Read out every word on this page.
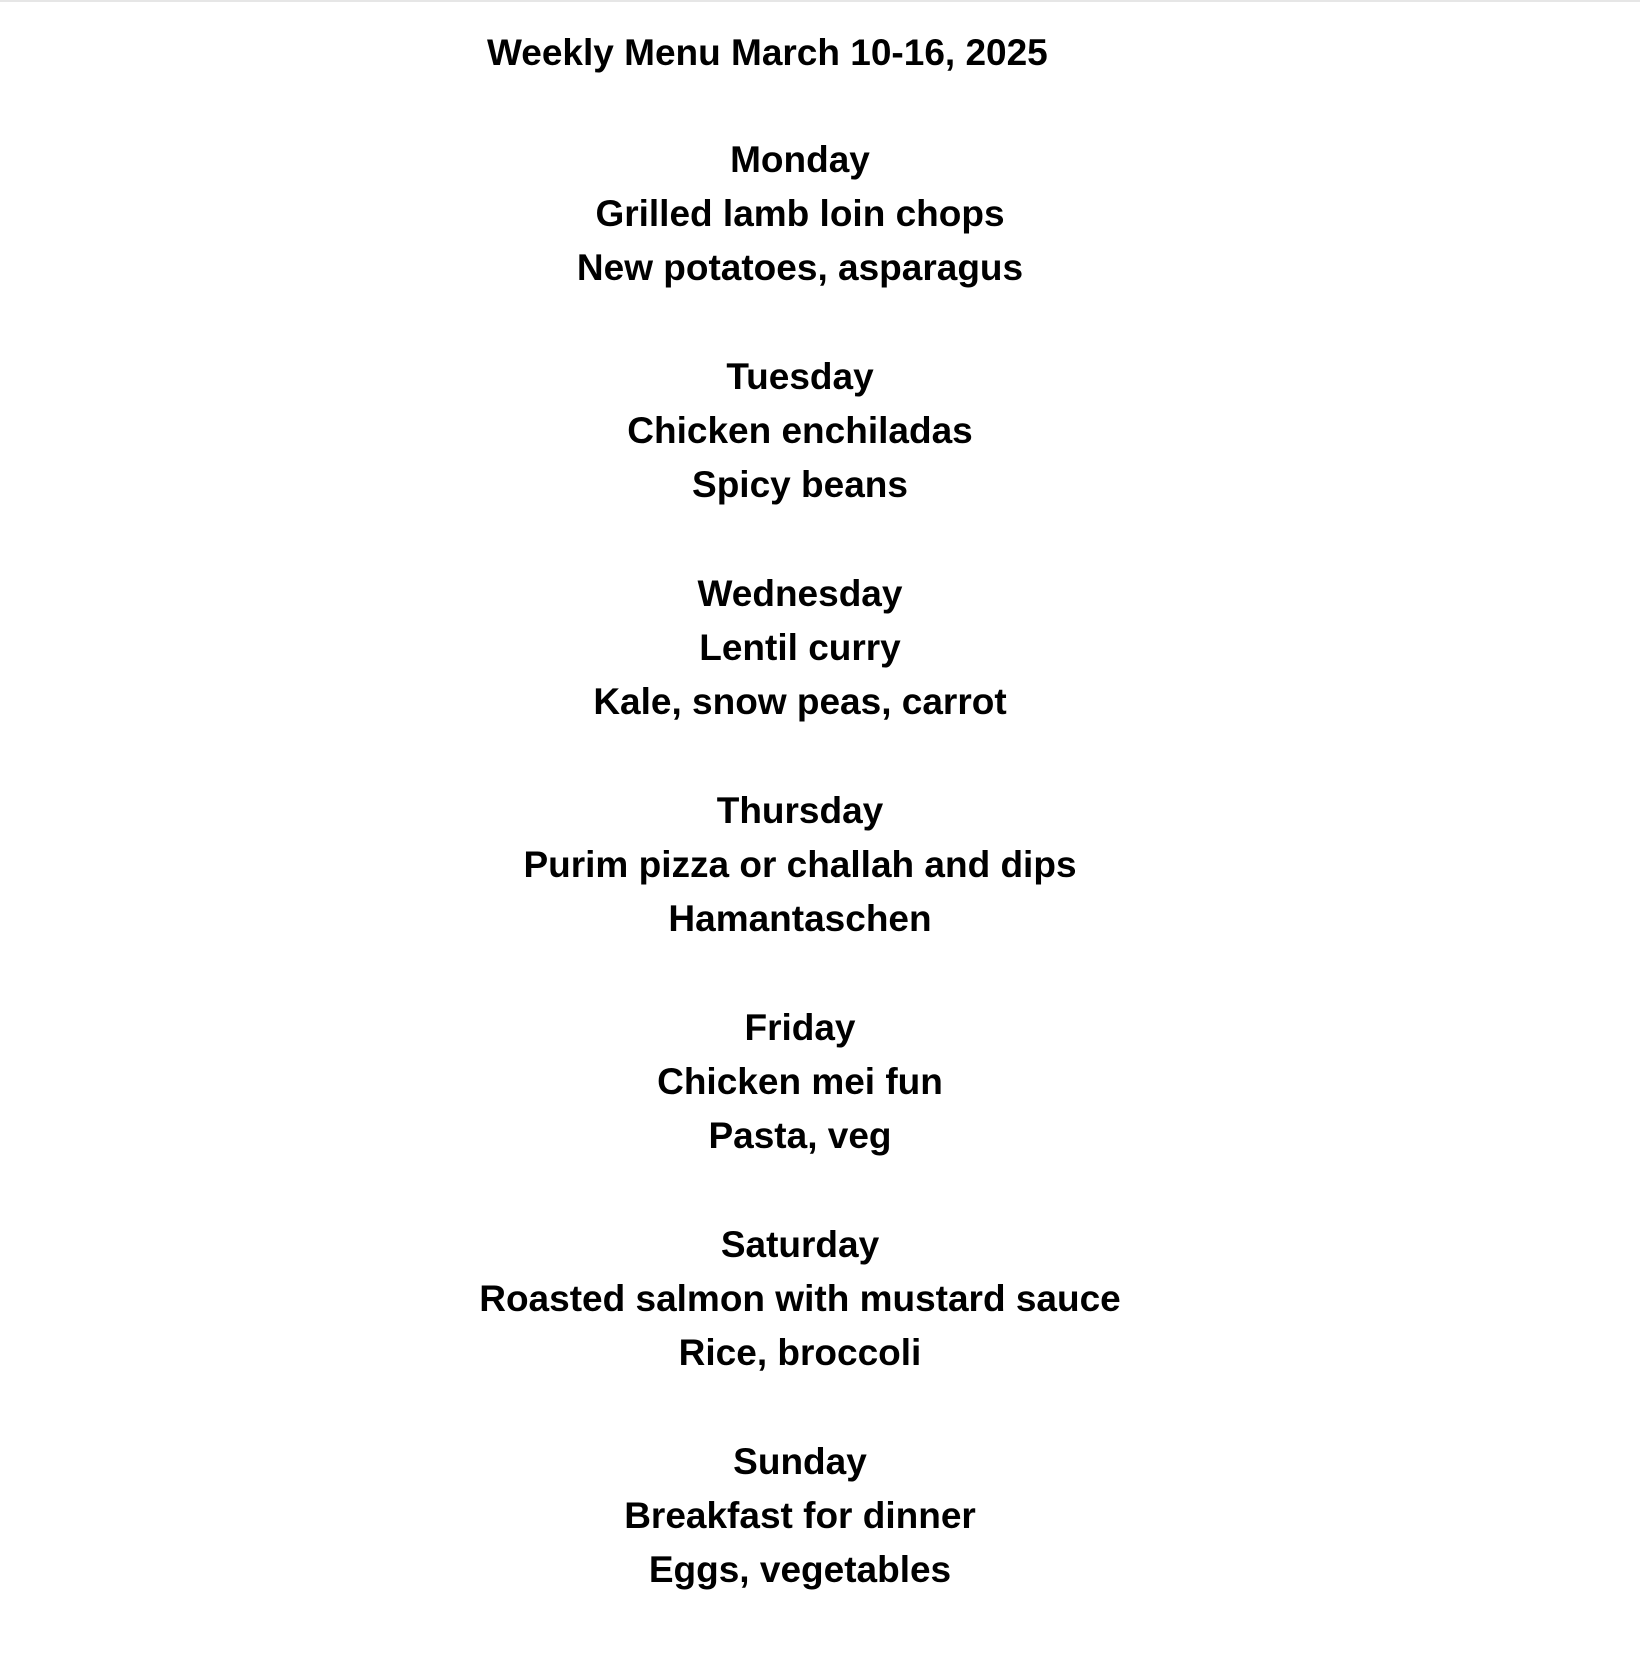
Weekly Menu March 10-16, 2025
Monday
Grilled lamb loin chops
New potatoes, asparagus
Tuesday
Chicken enchiladas
Spicy beans
Wednesday
Lentil curry
Kale, snow peas, carrot
Thursday
Purim pizza or challah and dips
Hamantaschen
Friday
Chicken mei fun
Pasta, veg
Saturday
Roasted salmon with mustard sauce
Rice, broccoli
Sunday
Breakfast for dinner
Eggs, vegetables
